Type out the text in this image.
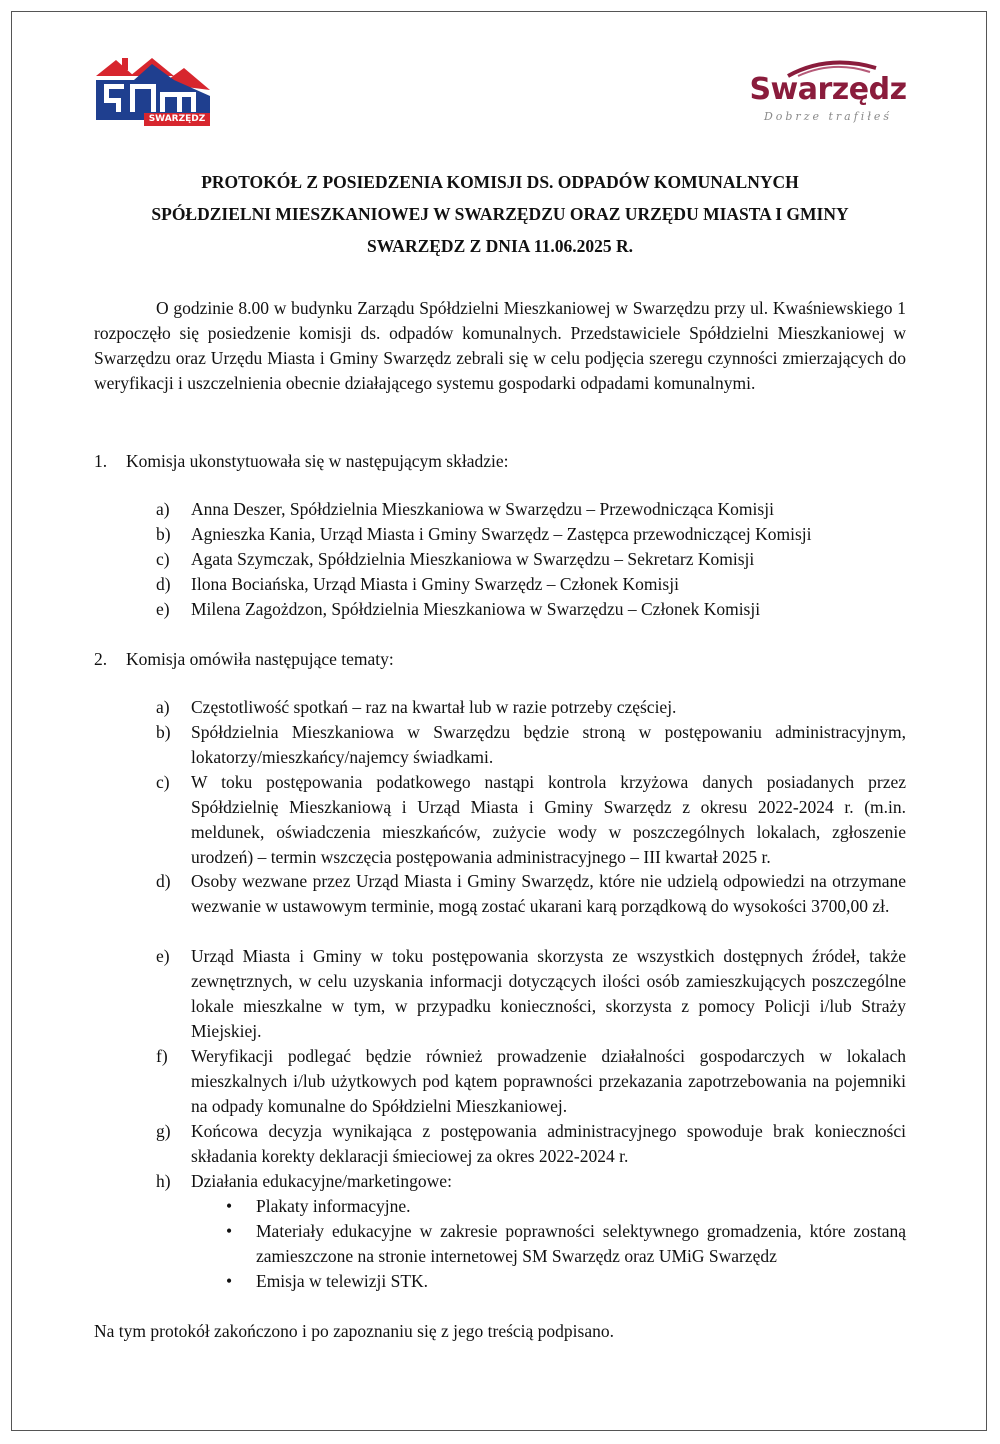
SWARZĘDZ
Swarzędz
Dobrze trafiłeś
PROTOKÓŁ Z POSIEDZENIA KOMISJI DS. ODPADÓW KOMUNALNYCH
SPÓŁDZIELNI MIESZKANIOWEJ W SWARZĘDZU ORAZ URZĘDU MIASTA I GMINY
SWARZĘDZ Z DNIA 11.06.2025 R.
O godzinie 8.00 w budynku Zarządu Spółdzielni Mieszkaniowej w Swarzędzu przy ul. Kwaśniewskiego 1 rozpoczęło się posiedzenie komisji ds. odpadów komunalnych. Przedstawiciele Spółdzielni Mieszkaniowej w Swarzędzu oraz Urzędu Miasta i Gminy Swarzędz zebrali się w celu podjęcia szeregu czynności zmierzających do weryfikacji i uszczelnienia obecnie działającego systemu gospodarki odpadami komunalnymi.
1. Komisja ukonstytuowała się w następującym składzie:
a)	Anna Deszer, Spółdzielnia Mieszkaniowa w Swarzędzu – Przewodnicząca Komisji
b)	Agnieszka Kania, Urząd Miasta i Gminy Swarzędz – Zastępca przewodniczącej Komisji
c)	Agata Szymczak, Spółdzielnia Mieszkaniowa w Swarzędzu – Sekretarz Komisji
d)	Ilona Bociańska, Urząd Miasta i Gminy Swarzędz – Członek Komisji
e)	Milena Zagożdzon, Spółdzielnia Mieszkaniowa w Swarzędzu – Członek Komisji
2. Komisja omówiła następujące tematy:
a)	Częstotliwość spotkań – raz na kwartał lub w razie potrzeby częściej.
b)	Spółdzielnia Mieszkaniowa w Swarzędzu będzie stroną w postępowaniu administracyjnym, lokatorzy/mieszkańcy/najemcy świadkami.
c)	W toku postępowania podatkowego nastąpi kontrola krzyżowa danych posiadanych przez Spółdzielnię Mieszkaniową i Urząd Miasta i Gminy Swarzędz z okresu 2022-2024 r. (m.in. meldunek, oświadczenia mieszkańców, zużycie wody w poszczególnych lokalach, zgłoszenie urodzeń) – termin wszczęcia postępowania administracyjnego – III kwartał 2025 r.
d)	Osoby wezwane przez Urząd Miasta i Gminy Swarzędz, które nie udzielą odpowiedzi na otrzymane wezwanie w ustawowym terminie, mogą zostać ukarani karą porządkową do wysokości 3700,00 zł.
e)	Urząd Miasta i Gminy w toku postępowania skorzysta ze wszystkich dostępnych źródeł, także zewnętrznych, w celu uzyskania informacji dotyczących ilości osób zamieszkujących poszczególne lokale mieszkalne w tym, w przypadku konieczności, skorzysta z pomocy Policji i/lub Straży Miejskiej.
f)	Weryfikacji podlegać będzie również prowadzenie działalności gospodarczych w lokalach mieszkalnych i/lub użytkowych pod kątem poprawności przekazania zapotrzebowania na pojemniki na odpady komunalne do Spółdzielni Mieszkaniowej.
g)	Końcowa decyzja wynikająca z postępowania administracyjnego spowoduje brak konieczności składania korekty deklaracji śmieciowej za okres 2022-2024 r.
h)	Działania edukacyjne/marketingowe:
• Plakaty informacyjne.
• Materiały edukacyjne w zakresie poprawności selektywnego gromadzenia, które zostaną zamieszczone na stronie internetowej SM Swarzędz oraz UMiG Swarzędz
• Emisja w telewizji STK.
Na tym protokół zakończono i po zapoznaniu się z jego treścią podpisano.
